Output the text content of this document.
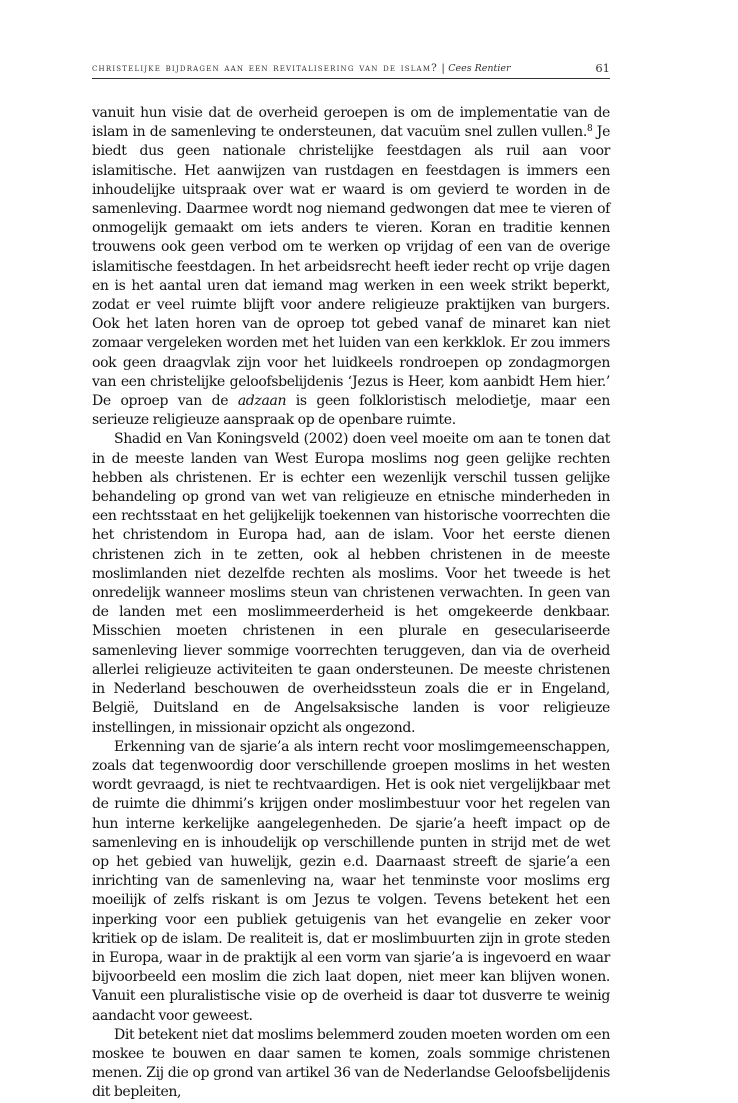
christelijke bijdragen aan een revitalisering van de islam? | Cees Rentier	61

vanuit hun visie dat de overheid geroepen is om de implementatie van de islam in de samenleving te ondersteunen, dat vacuüm snel zullen vullen.$^8$ Je biedt dus geen nationale christelijke feestdagen als ruil aan voor islamitische. Het aanwijzen van rustdagen en feestdagen is immers een inhoudelijke uitspraak over wat er waard is om gevierd te worden in de samenleving. Daarmee wordt nog niemand gedwongen dat mee te vieren of onmogelijk gemaakt om iets anders te vieren. Koran en traditie kennen trouwens ook geen verbod om te werken op vrijdag of een van de overige islamitische feestdagen. In het arbeidsrecht heeft ieder recht op vrije dagen en is het aantal uren dat iemand mag werken in een week strikt beperkt, zodat er veel ruimte blijft voor andere religieuze praktijken van burgers. Ook het laten horen van de oproep tot gebed vanaf de minaret kan niet zomaar vergeleken worden met het luiden van een kerkklok. Er zou immers ook geen draagvlak zijn voor het luidkeels rondroepen op zondagmorgen van een christelijke geloofsbelijdenis ‘Jezus is Heer, kom aanbidt Hem hier.’ De oproep van de adzaan is geen folkloristisch melodietje, maar een serieuze religieuze aanspraak op de openbare ruimte.

Shadid en Van Koningsveld (2002) doen veel moeite om aan te tonen dat in de meeste landen van West Europa moslims nog geen gelijke rechten hebben als christenen. Er is echter een wezenlijk verschil tussen gelijke behandeling op grond van wet van religieuze en etnische minderheden in een rechtsstaat en het gelijkelijk toekennen van historische voorrechten die het christendom in Europa had, aan de islam. Voor het eerste dienen christenen zich in te zetten, ook al hebben christenen in de meeste moslimlanden niet dezelfde rechten als moslims. Voor het tweede is het onredelijk wanneer moslims steun van christenen verwachten. In geen van de landen met een moslimmeerderheid is het omgekeerde denkbaar. Misschien moeten christenen in een plurale en geseculariseerde samenleving liever sommige voorrechten teruggeven, dan via de overheid allerlei religieuze activiteiten te gaan ondersteunen. De meeste christenen in Nederland beschouwen de overheidssteun zoals die er in Engeland, België, Duitsland en de Angelsaksische landen is voor religieuze instellingen, in missionair opzicht als ongezond.

Erkenning van de sjarie’a als intern recht voor moslimgemeenschappen, zoals dat tegenwoordig door verschillende groepen moslims in het westen wordt gevraagd, is niet te rechtvaardigen. Het is ook niet vergelijkbaar met de ruimte die dhimmi’s krijgen onder moslimbestuur voor het regelen van hun interne kerkelijke aangelegenheden. De sjarie’a heeft impact op de samenleving en is inhoudelijk op verschillende punten in strijd met de wet op het gebied van huwelijk, gezin e.d. Daarnaast streeft de sjarie’a een inrichting van de samenleving na, waar het tenminste voor moslims erg moeilijk of zelfs riskant is om Jezus te volgen. Tevens betekent het een inperking voor een publiek getuigenis van het evangelie en zeker voor kritiek op de islam. De realiteit is, dat er moslimbuurten zijn in grote steden in Europa, waar in de praktijk al een vorm van sjarie’a is ingevoerd en waar bijvoorbeeld een moslim die zich laat dopen, niet meer kan blijven wonen. Vanuit een pluralistische visie op de overheid is daar tot dusverre te weinig aandacht voor geweest.

Dit betekent niet dat moslims belemmerd zouden moeten worden om een moskee te bouwen en daar samen te komen, zoals sommige christenen menen. Zij die op grond van artikel 36 van de Nederlandse Geloofsbelijdenis dit bepleiten,
